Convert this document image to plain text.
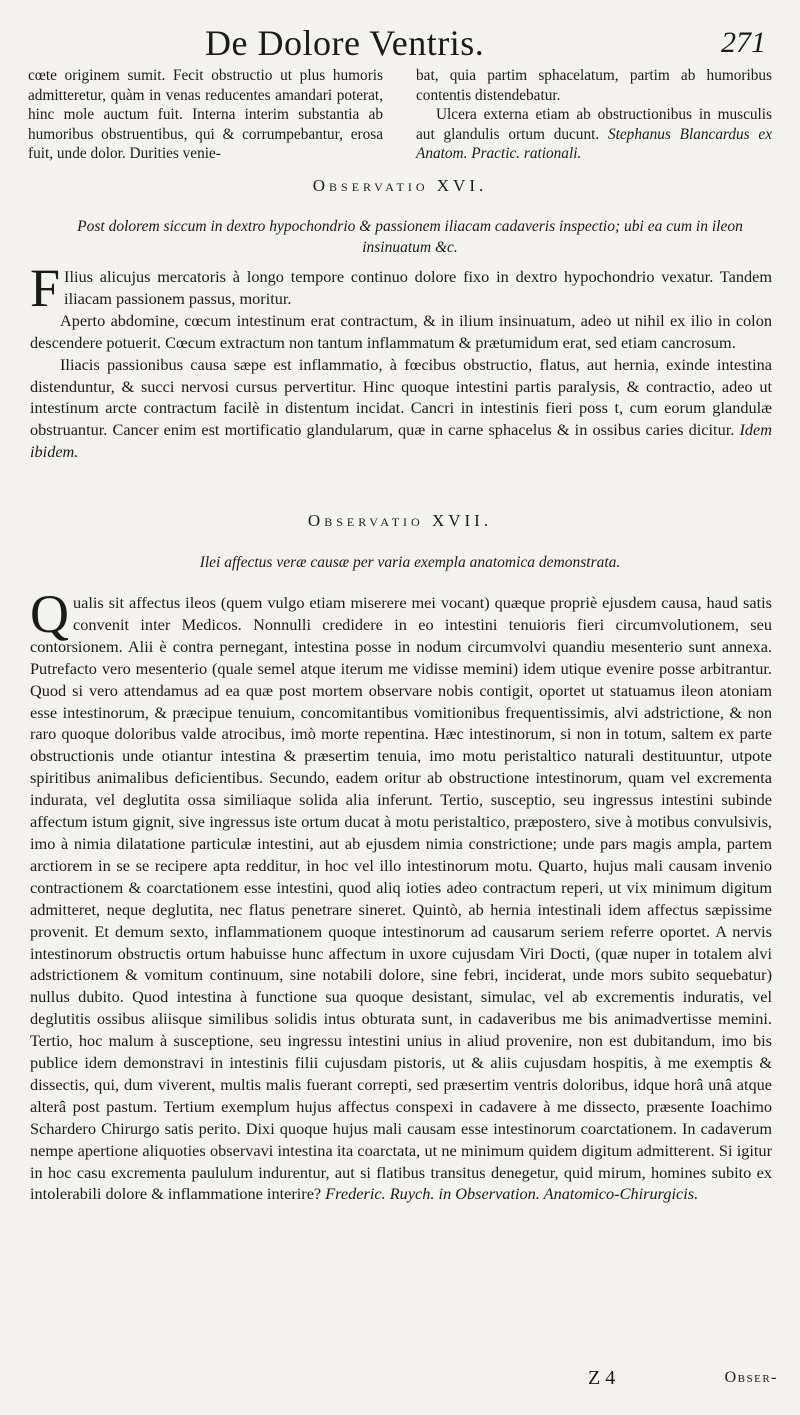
De Dolore Ventris.	271

cœte originem sumit. Fecit obstructio ut plus humoris admitteretur, quàm in venas reducentes amandari poterat, hinc mole auctum fuit. Interna interim substantia ab humoribus obstruentibus, qui & corrumpebantur, erosa fuit, unde dolor. Durities venie-

bat, quia partim sphacelatum, partim ab humoribus contentis distendebatur.

Ulcera externa etiam ab obstructionibus in musculis aut glandulis ortum ducunt. Stephanus Blancardus ex Anatom. Practic. rationali.

Observatio XVI.
Post dolorem siccum in dextro hypochondrio & passionem iliacam cadaveris inspectio; ubi ea cum in ileon insinuatum &c.

F Ilius alicujus mercatoris à longo tempore continuo dolore fixo in dextro hypochondrio vexatur. Tandem iliacam passionem passus, moritur.

Aperto abdomine, cœcum intestinum erat contractum, & in ilium insinuatum, adeo ut nihil ex ilio in colon descendere potuerit. Cœcum extractum non tantum inflammatum & prætumidum erat, sed etiam cancrosum.

Iliacis passionibus causa sæpe est inflammatio, à fœcibus obstructio, flatus, aut hernia, exinde intestina distenduntur, & succi nervosi cursus pervertitur. Hinc quoque intestini partis paralysis, & contractio, adeo ut intestinum arcte contractum facilè in distentum incidat. Cancri in intestinis fieri poss t, cum eorum glandulæ obstruantur. Cancer enim est mortificatio glandularum, quæ in carne sphacelus & in ossibus caries dicitur. Idem ibidem.

Observatio XVII.
Ilei affectus veræ causæ per varia exempla anatomica demonstrata.

Qualis sit affectus ileos (quem vulgo etiam miserere mei vocant) quæque propriè ejusdem causa, haud satis convenit inter Medicos. Nonnulli credidere in eo intestini tenuioris fieri circumvolutionem, seu contorsionem. Alii è contra pernegant, intestina posse in nodum circumvolvi quandiu mesenterio sunt annexa. Putrefacto vero mesenterio (quale semel atque iterum me vidisse memini) idem utique evenire posse arbitrantur. Quod si vero attendamus ad ea quæ post mortem observare nobis contigit, oportet ut statuamus ileon atoniam esse intestinorum, & præcipue tenuium, concomitantibus vomitionibus frequentissimis, alvi adstrictione, & non raro quoque doloribus valde atrocibus, imò morte repentina. Hæc intestinorum, si non in totum, saltem ex parte obstructionis unde otiantur intestina & præsertim tenuia, imo motu peristaltico naturali destituuntur, utpote spiritibus animalibus deficientibus. Secundo, eadem oritur ab obstructione intestinorum, quam vel excrementa indurata, vel deglutita ossa similiaque solida alia inferunt. Tertio, susceptio, seu ingressus intestini subinde affectum istum gignit, sive ingressus iste ortum ducat à motu peristaltico, præpostero, sive à motibus convulsivis, imo à nimia dilatatione particulæ intestini, aut ab ejusdem nimia constrictione; unde pars magis ampla, partem arctiorem in se se recipere apta redditur, in hoc vel illo intestinorum motu. Quarto, hujus mali causam invenio contractionem & coarctationem esse intestini, quod aliq ioties adeo contractum reperi, ut vix minimum digitum admitteret, neque deglutita, nec flatus penetrare sineret. Quintò, ab hernia intestinali idem affectus sæpissime provenit. Et demum sexto, inflammationem quoque intestinorum ad causarum seriem referre oportet. A nervis intestinorum obstructis ortum habuisse hunc affectum in uxore cujusdam Viri Docti, (quæ nuper in totalem alvi adstrictionem & vomitum continuum, sine notabili dolore, sine febri, inciderat, unde mors subito sequebatur) nullus dubito. Quod intestina à functione sua quoque desistant, simulac, vel ab excrementis induratis, vel deglutitis ossibus aliisque similibus solidis intus obturata sunt, in cadaveribus me bis animadvertisse memini. Tertio, hoc malum à susceptione, seu ingressu intestini unius in aliud provenire, non est dubitandum, imo bis publice idem demonstravi in intestinis filii cujusdam pistoris, ut & aliis cujusdam hospitis, à me exemptis & dissectis, qui, dum viverent, multis malis fuerant correpti, sed præsertim ventris doloribus, idque horâ unâ atque alterâ post pastum. Tertium exemplum hujus affectus conspexi in cadavere à me dissecto, præsente Ioachimo Schardero Chirurgo satis perito. Dixi quoque hujus mali causam esse intestinorum coarctationem. In cadaverum nempe apertione aliquoties observavi intestina ita coarctata, ut ne minimum quidem digitum admitterent. Si igitur in hoc casu excrementa paululum indurentur, aut si flatibus transitus denegetur, quid mirum, homines subito ex intolerabili dolore & inflammatione interire? Frederic. Ruych. in Observation. Anatomico-Chirurgicis.

Z 4	Obser-
